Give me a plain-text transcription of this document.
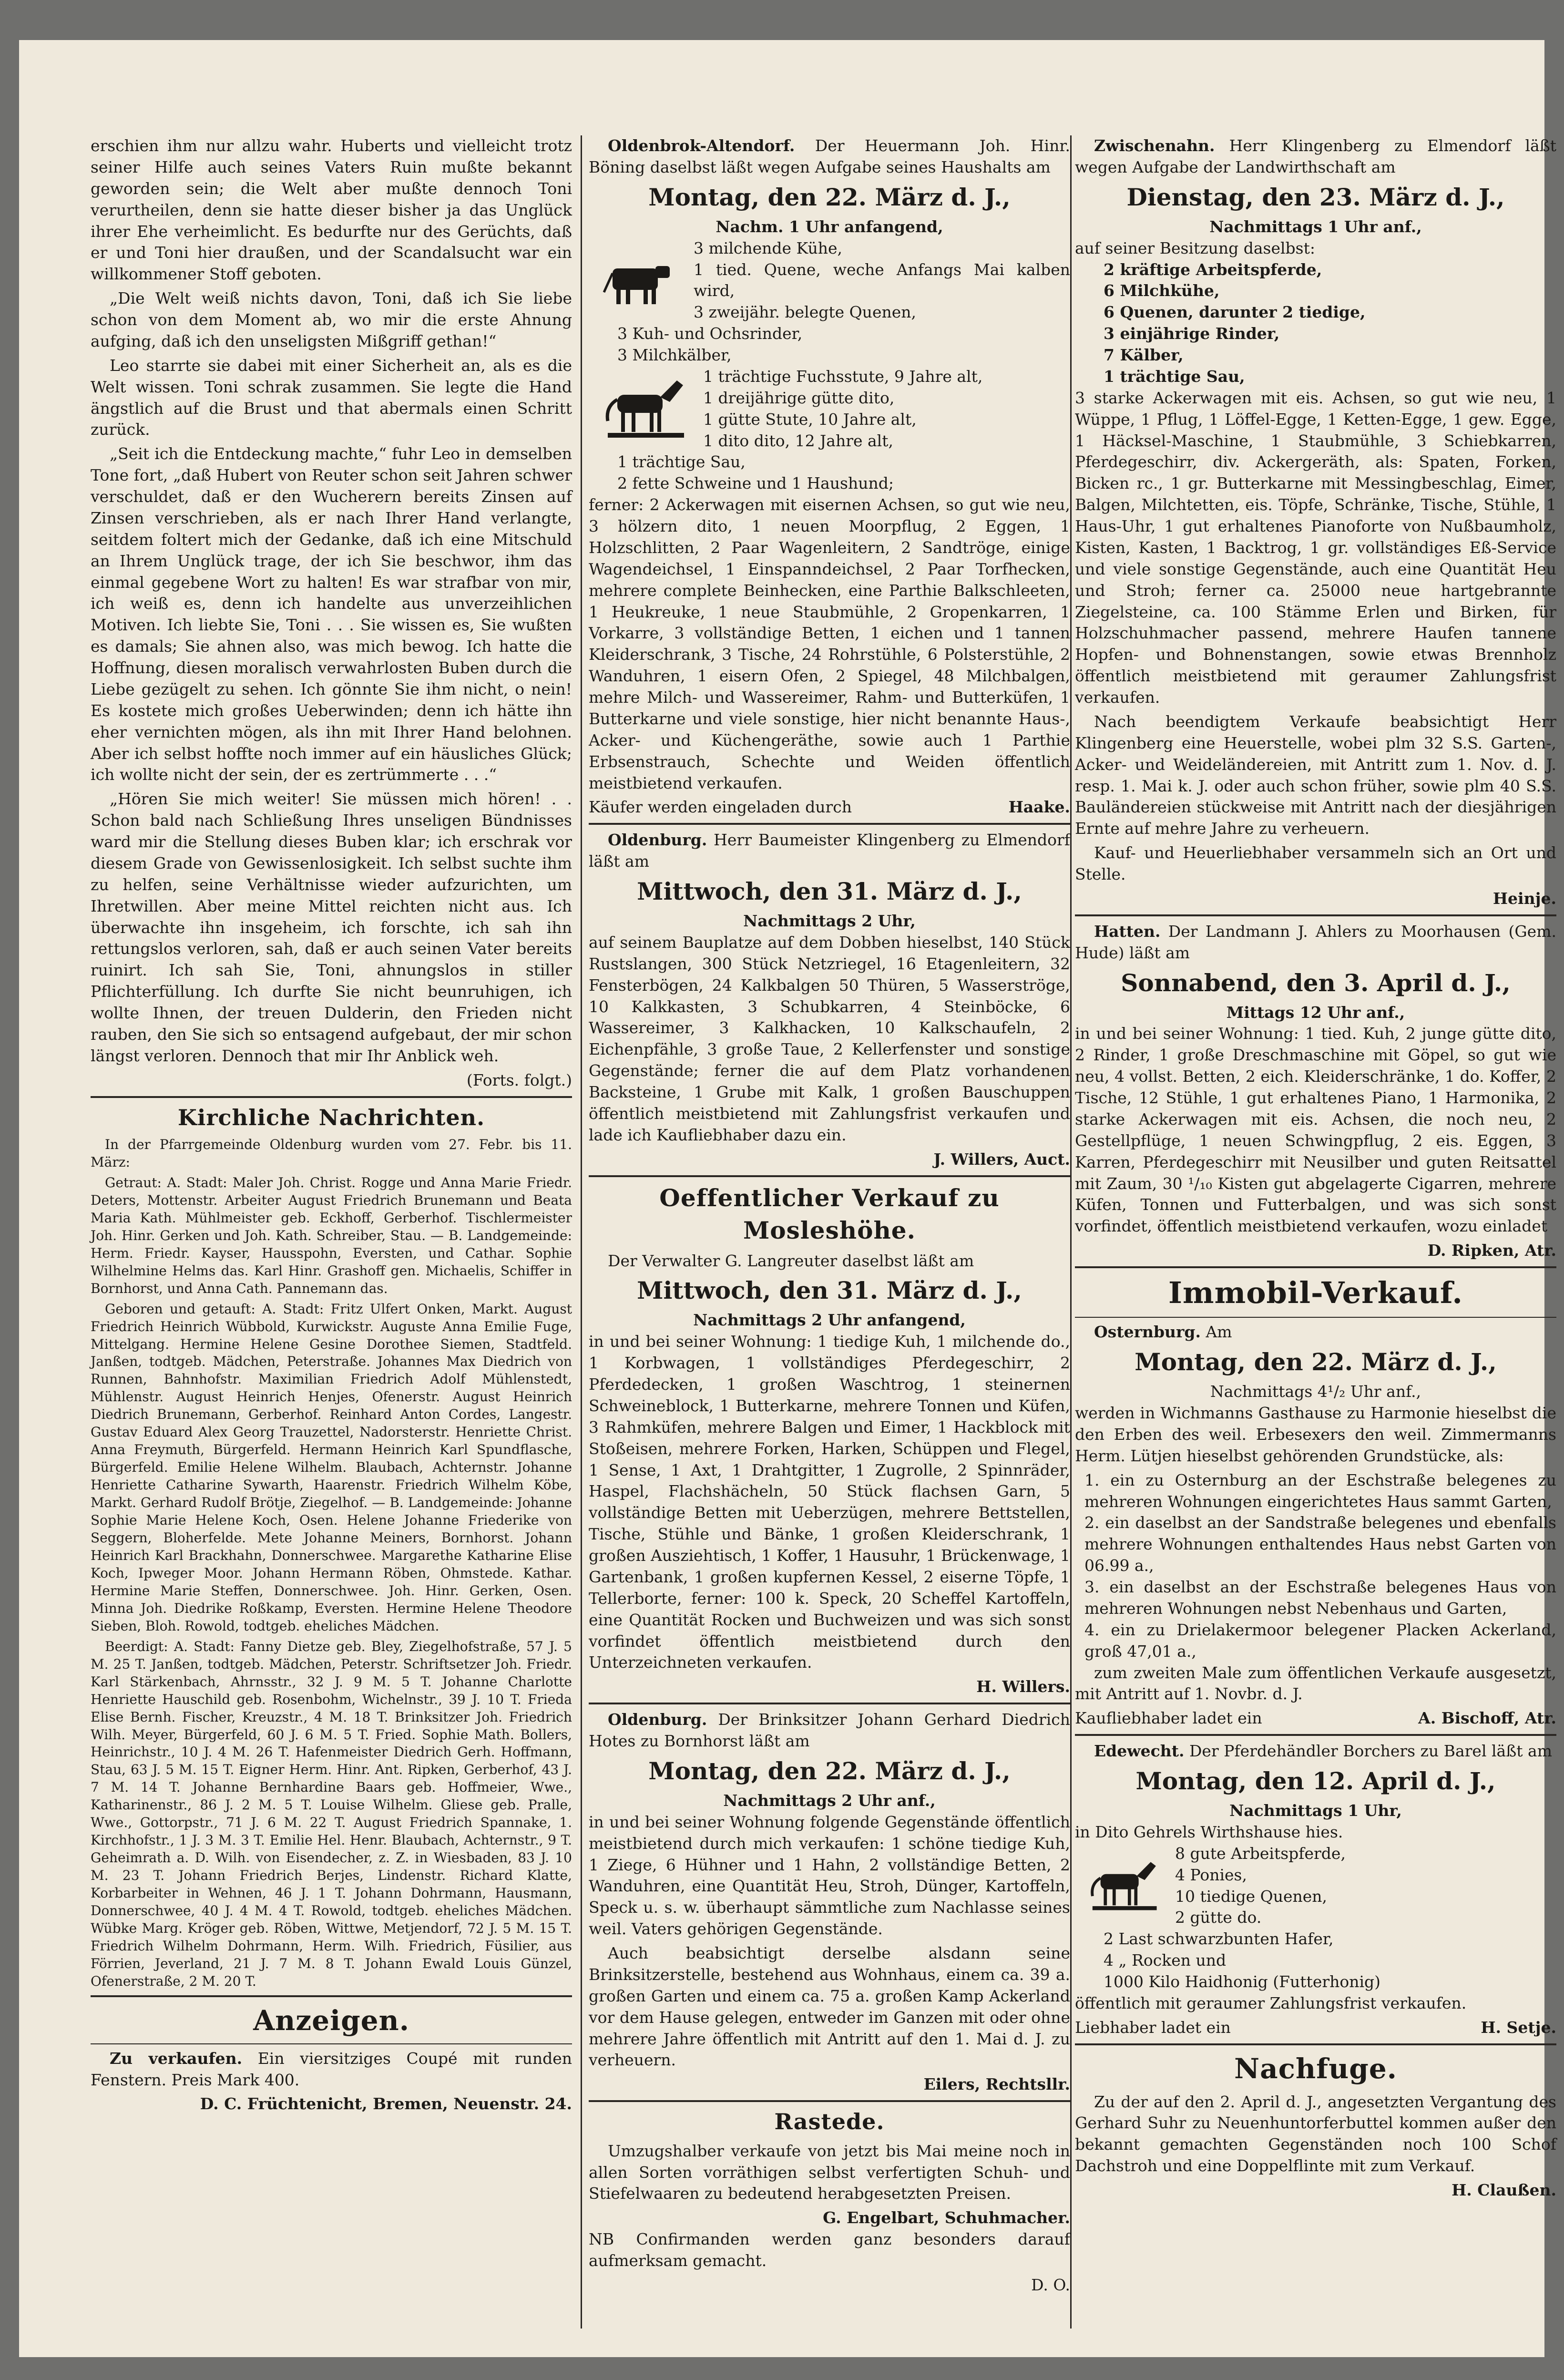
erschien ihm nur allzu wahr. Huberts und vielleicht trotz seiner Hilfe auch seines Vaters Ruin mußte bekannt geworden sein; die Welt aber mußte dennoch Toni verurtheilen, denn sie hatte dieser bisher ja das Unglück ihrer Ehe verheimlicht. Es bedurfte nur des Gerüchts, daß er und Toni hier draußen, und der Scandalsucht war ein willkommener Stoff geboten.

„Die Welt weiß nichts davon, Toni, daß ich Sie liebe schon von dem Moment ab, wo mir die erste Ahnung aufging, daß ich den unseligsten Mißgriff gethan!“

Leo starrte sie dabei mit einer Sicherheit an, als es die Welt wissen. Toni schrak zusammen. Sie legte die Hand ängstlich auf die Brust und that abermals einen Schritt zurück.

„Seit ich die Entdeckung machte,“ fuhr Leo in demselben Tone fort, „daß Hubert von Reuter schon seit Jahren schwer verschuldet, daß er den Wucherern bereits Zinsen auf Zinsen verschrieben, als er nach Ihrer Hand verlangte, seitdem foltert mich der Gedanke, daß ich eine Mitschuld an Ihrem Unglück trage, der ich Sie beschwor, ihm das einmal gegebene Wort zu halten! Es war strafbar von mir, ich weiß es, denn ich handelte aus unverzeihlichen Motiven. Ich liebte Sie, Toni . . . Sie wissen es, Sie wußten es damals; Sie ahnen also, was mich bewog. Ich hatte die Hoffnung, diesen moralisch verwahrlosten Buben durch die Liebe gezügelt zu sehen. Ich gönnte Sie ihm nicht, o nein! Es kostete mich großes Ueberwinden; denn ich hätte ihn eher vernichten mögen, als ihn mit Ihrer Hand belohnen. Aber ich selbst hoffte noch immer auf ein häusliches Glück; ich wollte nicht der sein, der es zertrümmerte . . .“

„Hören Sie mich weiter! Sie müssen mich hören! . . Schon bald nach Schließung Ihres unseligen Bündnisses ward mir die Stellung dieses Buben klar; ich erschrak vor diesem Grade von Gewissenlosigkeit. Ich selbst suchte ihm zu helfen, seine Verhältnisse wieder aufzurichten, um Ihretwillen. Aber meine Mittel reichten nicht aus. Ich überwachte ihn insgeheim, ich forschte, ich sah ihn rettungslos verloren, sah, daß er auch seinen Vater bereits ruinirt. Ich sah Sie, Toni, ahnungslos in stiller Pflichterfüllung. Ich durfte Sie nicht beunruhigen, ich wollte Ihnen, der treuen Dulderin, den Frieden nicht rauben, den Sie sich so entsagend aufgebaut, der mir schon längst verloren. Dennoch that mir Ihr Anblick weh.

(Forts. folgt.)
Kirchliche Nachrichten.

In der Pfarrgemeinde Oldenburg wurden vom 27. Febr. bis 11. März:

Getraut: A. Stadt: Maler Joh. Christ. Rogge und Anna Marie Friedr. Deters, Mottenstr. Arbeiter August Friedrich Brunemann und Beata Maria Kath. Mühlmeister geb. Eckhoff, Gerberhof. Tischlermeister Joh. Hinr. Gerken und Joh. Kath. Schreiber, Stau. — B. Landgemeinde: Herm. Friedr. Kayser, Hausspohn, Eversten, und Cathar. Sophie Wilhelmine Helms das. Karl Hinr. Grashoff gen. Michaelis, Schiffer in Bornhorst, und Anna Cath. Pannemann das.

Geboren und getauft: A. Stadt: Fritz Ulfert Onken, Markt. August Friedrich Heinrich Wübbold, Kurwickstr. Auguste Anna Emilie Fuge, Mittelgang. Hermine Helene Gesine Dorothee Siemen, Stadtfeld. Janßen, todtgeb. Mädchen, Peterstraße. Johannes Max Diedrich von Runnen, Bahnhofstr. Maximilian Friedrich Adolf Mühlenstedt, Mühlenstr. August Heinrich Henjes, Ofenerstr. August Heinrich Diedrich Brunemann, Gerberhof. Reinhard Anton Cordes, Langestr. Gustav Eduard Alex Georg Trauzettel, Nadorsterstr. Henriette Christ. Anna Freymuth, Bürgerfeld. Hermann Heinrich Karl Spundflasche, Bürgerfeld. Emilie Helene Wilhelm. Blaubach, Achternstr. Johanne Henriette Catharine Sywarth, Haarenstr. Friedrich Wilhelm Köbe, Markt. Gerhard Rudolf Brötje, Ziegelhof. — B. Landgemeinde: Johanne Sophie Marie Helene Koch, Osen. Helene Johanne Friederike von Seggern, Bloherfelde. Mete Johanne Meiners, Bornhorst. Johann Heinrich Karl Brackhahn, Donnerschwee. Margarethe Katharine Elise Koch, Ipweger Moor. Johann Hermann Röben, Ohmstede. Kathar. Hermine Marie Steffen, Donnerschwee. Joh. Hinr. Gerken, Osen. Minna Joh. Diedrike Roßkamp, Eversten. Hermine Helene Theodore Sieben, Bloh. Rowold, todtgeb. eheliches Mädchen.

Beerdigt: A. Stadt: Fanny Dietze geb. Bley, Ziegelhofstraße, 57 J. 5 M. 25 T. Janßen, todtgeb. Mädchen, Peterstr. Schriftsetzer Joh. Friedr. Karl Stärkenbach, Ahrnsstr., 32 J. 9 M. 5 T. Johanne Charlotte Henriette Hauschild geb. Rosenbohm, Wichelnstr., 39 J. 10 T. Frieda Elise Bernh. Fischer, Kreuzstr., 4 M. 18 T. Brinksitzer Joh. Friedrich Wilh. Meyer, Bürgerfeld, 60 J. 6 M. 5 T. Fried. Sophie Math. Bollers, Heinrichstr., 10 J. 4 M. 26 T. Hafenmeister Diedrich Gerh. Hoffmann, Stau, 63 J. 5 M. 15 T. Eigner Herm. Hinr. Ant. Ripken, Gerberhof, 43 J. 7 M. 14 T. Johanne Bernhardine Baars geb. Hoffmeier, Wwe., Katharinenstr., 86 J. 2 M. 5 T. Louise Wilhelm. Gliese geb. Pralle, Wwe., Gottorpstr., 71 J. 6 M. 22 T. August Friedrich Spannake, 1. Kirchhofstr., 1 J. 3 M. 3 T. Emilie Hel. Henr. Blaubach, Achternstr., 9 T. Geheimrath a. D. Wilh. von Eisendecher, z. Z. in Wiesbaden, 83 J. 10 M. 23 T. Johann Friedrich Berjes, Lindenstr. Richard Klatte, Korbarbeiter in Wehnen, 46 J. 1 T. Johann Dohrmann, Hausmann, Donnerschwee, 40 J. 4 M. 4 T. Rowold, todtgeb. eheliches Mädchen. Wübke Marg. Kröger geb. Röben, Wittwe, Metjendorf, 72 J. 5 M. 15 T. Friedrich Wilhelm Dohrmann, Herm. Wilh. Friedrich, Füsilier, aus Förrien, Jeverland, 21 J. 7 M. 8 T. Johann Ewald Louis Günzel, Ofenerstraße, 2 M. 20 T.

Anzeigen.

Zu verkaufen. Ein viersitziges Coupé mit runden Fenstern. Preis Mark 400.

D. C. Früchtenicht, Bremen, Neuenstr. 24.

Oldenbrok-Altendorf. Der Heuermann Joh. Hinr. Böning daselbst läßt wegen Aufgabe seines Haushalts am

Montag, den 22. März d. J.,
Nachm. 1 Uhr anfangend,
3 milchende Kühe,
1 tied. Quene, weche Anfangs Mai kalben wird,
3 zweijähr. belegte Quenen,
3 Kuh- und Ochsrinder,
3 Milchkälber,
1 trächtige Fuchsstute, 9 Jahre alt,
1 dreijährige gütte dito,
1 gütte Stute, 10 Jahre alt,
1 dito dito, 12 Jahre alt,
1 trächtige Sau,
2 fette Schweine und 1 Haushund;

ferner: 2 Ackerwagen mit eisernen Achsen, so gut wie neu, 3 hölzern dito, 1 neuen Moorpflug, 2 Eggen, 1 Holzschlitten, 2 Paar Wagenleitern, 2 Sandtröge, einige Wagendeichsel, 1 Einspanndeichsel, 2 Paar Torfhecken, mehrere complete Beinhecken, eine Parthie Balkschleeten, 1 Heukreuke, 1 neue Staubmühle, 2 Gropenkarren, 1 Vorkarre, 3 vollständige Betten, 1 eichen und 1 tannen Kleiderschrank, 3 Tische, 24 Rohrstühle, 6 Polsterstühle, 2 Wanduhren, 1 eisern Ofen, 2 Spiegel, 48 Milchbalgen, mehre Milch- und Wassereimer, Rahm- und Butterküfen, 1 Butterkarne und viele sonstige, hier nicht benannte Haus-, Acker- und Küchengeräthe, sowie auch 1 Parthie Erbsenstrauch, Schechte und Weiden öffentlich meistbietend verkaufen.

Käufer werden eingeladen durch	Haake.

Oldenburg. Herr Baumeister Klingenberg zu Elmendorf läßt am

Mittwoch, den 31. März d. J.,
Nachmittags 2 Uhr,

auf seinem Bauplatze auf dem Dobben hieselbst, 140 Stück Rustslangen, 300 Stück Netzriegel, 16 Etagenleitern, 32 Fensterbögen, 24 Kalkbalgen 50 Thüren, 5 Wasserströge, 10 Kalkkasten, 3 Schubkarren, 4 Steinböcke, 6 Wassereimer, 3 Kalkhacken, 10 Kalkschaufeln, 2 Eichenpfähle, 3 große Taue, 2 Kellerfenster und sonstige Gegenstände; ferner die auf dem Platz vorhandenen Backsteine, 1 Grube mit Kalk, 1 großen Bauschuppen öffentlich meistbietend mit Zahlungsfrist verkaufen und lade ich Kaufliebhaber dazu ein.

J. Willers, Auct.
Oeffentlicher Verkauf zu Mosleshöhe.

Der Verwalter G. Langreuter daselbst läßt am

Mittwoch, den 31. März d. J.,
Nachmittags 2 Uhr anfangend,

in und bei seiner Wohnung: 1 tiedige Kuh, 1 milchende do., 1 Korbwagen, 1 vollständiges Pferdegeschirr, 2 Pferdedecken, 1 großen Waschtrog, 1 steinernen Schweineblock, 1 Butterkarne, mehrere Tonnen und Küfen, 3 Rahmküfen, mehrere Balgen und Eimer, 1 Hackblock mit Stoßeisen, mehrere Forken, Harken, Schüppen und Flegel, 1 Sense, 1 Axt, 1 Drahtgitter, 1 Zugrolle, 2 Spinnräder, Haspel, Flachshächeln, 50 Stück flachsen Garn, 5 vollständige Betten mit Ueberzügen, mehrere Bettstellen, Tische, Stühle und Bänke, 1 großen Kleiderschrank, 1 großen Ausziehtisch, 1 Koffer, 1 Hausuhr, 1 Brückenwage, 1 Gartenbank, 1 großen kupfernen Kessel, 2 eiserne Töpfe, 1 Tellerborte, ferner: 100 k. Speck, 20 Scheffel Kartoffeln, eine Quantität Rocken und Buchweizen und was sich sonst vorfindet öffentlich meistbietend durch den Unterzeichneten verkaufen.

H. Willers.

Oldenburg. Der Brinksitzer Johann Gerhard Diedrich Hotes zu Bornhorst läßt am

Montag, den 22. März d. J.,
Nachmittags 2 Uhr anf.,

in und bei seiner Wohnung folgende Gegenstände öffentlich meistbietend durch mich verkaufen: 1 schöne tiedige Kuh, 1 Ziege, 6 Hühner und 1 Hahn, 2 vollständige Betten, 2 Wanduhren, eine Quantität Heu, Stroh, Dünger, Kartoffeln, Speck u. s. w. überhaupt sämmtliche zum Nachlasse seines weil. Vaters gehörigen Gegenstände.

Auch beabsichtigt derselbe alsdann seine Brinksitzerstelle, bestehend aus Wohnhaus, einem ca. 39 a. großen Garten und einem ca. 75 a. großen Kamp Ackerland vor dem Hause gelegen, entweder im Ganzen mit oder ohne mehrere Jahre öffentlich mit Antritt auf den 1. Mai d. J. zu verheuern.

Eilers, Rechtsllr.
Rastede.

Umzugshalber verkaufe von jetzt bis Mai meine noch in allen Sorten vorräthigen selbst verfertigten Schuh- und Stiefelwaaren zu bedeutend herabgesetzten Preisen.

G. Engelbart, Schuhmacher.

NB Confirmanden werden ganz besonders darauf aufmerksam gemacht.

D. O.

Zwischenahn. Herr Klingenberg zu Elmendorf läßt wegen Aufgabe der Landwirthschaft am

Dienstag, den 23. März d. J.,
Nachmittags 1 Uhr anf.,
auf seiner Besitzung daselbst:
2 kräftige Arbeitspferde,
6 Milchkühe,
6 Quenen, darunter 2 tiedige,
3 einjährige Rinder,
7 Kälber,
1 trächtige Sau,

3 starke Ackerwagen mit eis. Achsen, so gut wie neu, 1 Wüppe, 1 Pflug, 1 Löffel-Egge, 1 Ketten-Egge, 1 gew. Egge, 1 Häcksel-Maschine, 1 Staubmühle, 3 Schiebkarren, Pferdegeschirr, div. Ackergeräth, als: Spaten, Forken, Bicken rc., 1 gr. Butterkarne mit Messingbeschlag, Eimer, Balgen, Milchtetten, eis. Töpfe, Schränke, Tische, Stühle, 1 Haus-Uhr, 1 gut erhaltenes Pianoforte von Nußbaumholz, Kisten, Kasten, 1 Backtrog, 1 gr. vollständiges Eß-Service und viele sonstige Gegenstände, auch eine Quantität Heu und Stroh; ferner ca. 25000 neue hartgebrannte Ziegelsteine, ca. 100 Stämme Erlen und Birken, für Holzschuhmacher passend, mehrere Haufen tannene Hopfen- und Bohnenstangen, sowie etwas Brennholz öffentlich meistbietend mit geraumer Zahlungsfrist verkaufen.

Nach beendigtem Verkaufe beabsichtigt Herr Klingenberg eine Heuerstelle, wobei plm 32 S.S. Garten-, Acker- und Weideländereien, mit Antritt zum 1. Nov. d. J. resp. 1. Mai k. J. oder auch schon früher, sowie plm 40 S.S. Bauländereien stückweise mit Antritt nach der diesjährigen Ernte auf mehre Jahre zu verheuern.

Kauf- und Heuerliebhaber versammeln sich an Ort und Stelle.

Heinje.

Hatten. Der Landmann J. Ahlers zu Moorhausen (Gem. Hude) läßt am

Sonnabend, den 3. April d. J.,
Mittags 12 Uhr anf.,

in und bei seiner Wohnung: 1 tied. Kuh, 2 junge gütte dito, 2 Rinder, 1 große Dreschmaschine mit Göpel, so gut wie neu, 4 vollst. Betten, 2 eich. Kleiderschränke, 1 do. Koffer, 2 Tische, 12 Stühle, 1 gut erhaltenes Piano, 1 Harmonika, 2 starke Ackerwagen mit eis. Achsen, die noch neu, 2 Gestellpflüge, 1 neuen Schwingpflug, 2 eis. Eggen, 3 Karren, Pferdegeschirr mit Neusilber und guten Reitsattel mit Zaum, 30 ¹/₁₀ Kisten gut abgelagerte Cigarren, mehrere Küfen, Tonnen und Futterbalgen, und was sich sonst vorfindet, öffentlich meistbietend verkaufen, wozu einladet

D. Ripken, Atr.
Immobil-Verkauf.

Osternburg. Am

Montag, den 22. März d. J.,
Nachmittags 4¹/₂ Uhr anf.,

werden in Wichmanns Gasthause zu Harmonie hieselbst die den Erben des weil. Erbesexers den weil. Zimmermanns Herm. Lütjen hieselbst gehörenden Grundstücke, als:

1. ein zu Osternburg an der Eschstraße belegenes zu mehreren Wohnungen eingerichtetes Haus sammt Garten,
2. ein daselbst an der Sandstraße belegenes und ebenfalls mehrere Wohnungen enthaltendes Haus nebst Garten von 06.99 a.,
3. ein daselbst an der Eschstraße belegenes Haus von mehreren Wohnungen nebst Nebenhaus und Garten,
4. ein zu Drielakermoor belegener Placken Ackerland, groß 47,01 a.,

zum zweiten Male zum öffentlichen Verkaufe ausgesetzt, mit Antritt auf 1. Novbr. d. J.

Kaufliebhaber ladet ein	A. Bischoff, Atr.

Edewecht. Der Pferdehändler Borchers zu Barel läßt am

Montag, den 12. April d. J.,
Nachmittags 1 Uhr,
in Dito Gehrels Wirthshause hies.
8 gute Arbeitspferde,
4 Ponies,
10 tiedige Quenen,
2 gütte do.
2 Last schwarzbunten Hafer,
4 „ Rocken und
1000 Kilo Haidhonig (Futterhonig)

öffentlich mit geraumer Zahlungsfrist verkaufen.

Liebhaber ladet ein	H. Setje.
Nachfuge.

Zu der auf den 2. April d. J., angesetzten Vergantung des Gerhard Suhr zu Neuenhuntorferbuttel kommen außer den bekannt gemachten Gegenständen noch 100 Schof Dachstroh und eine Doppelflinte mit zum Verkauf.

H. Claußen.
